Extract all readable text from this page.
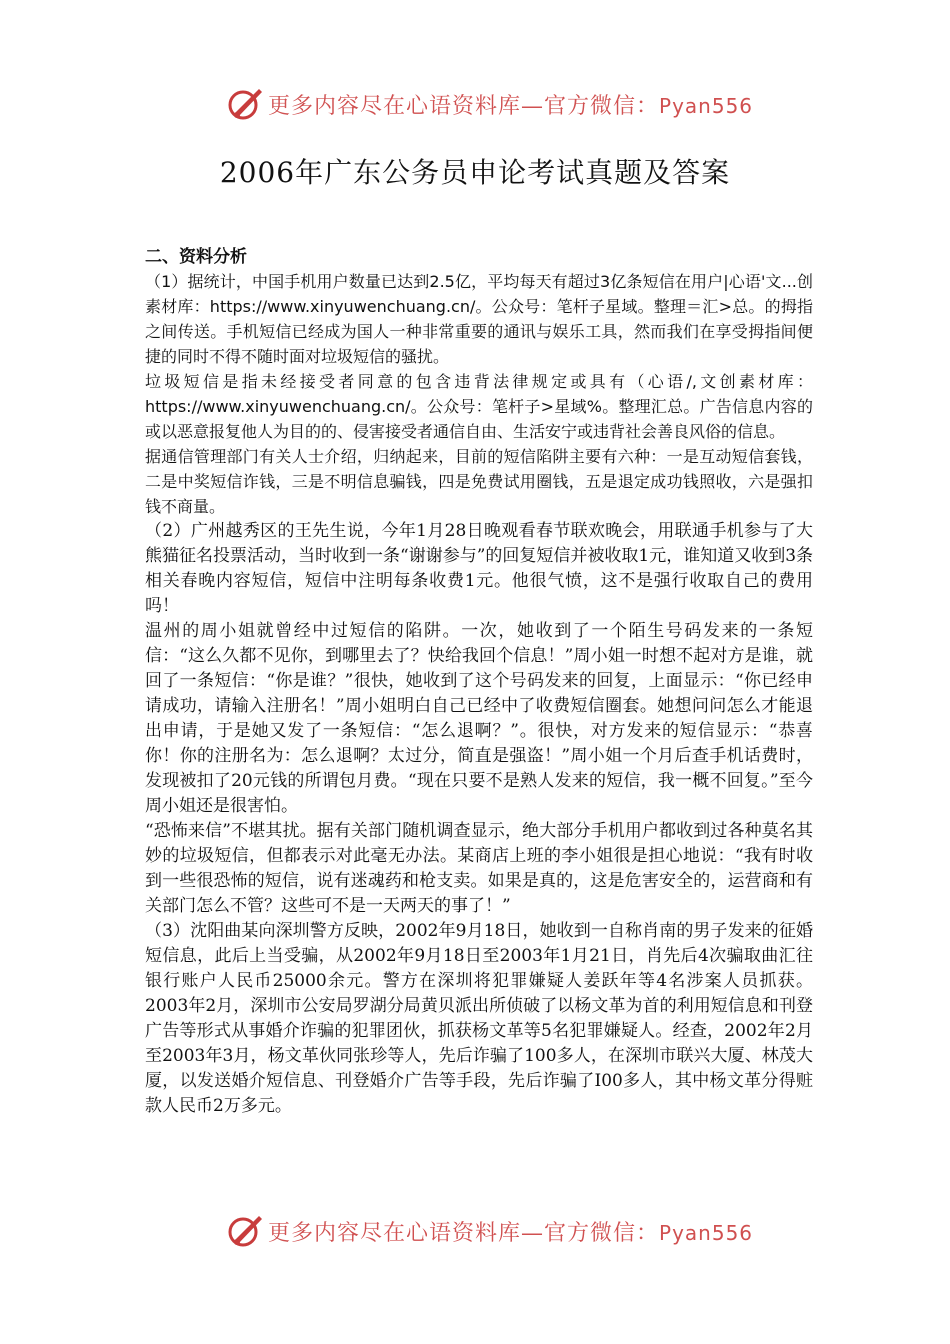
更多内容尽在心语资料库—官方微信：Pyan556
2006年广东公务员申论考试真题及答案
二、资料分析

（1）据统计，中国手机用户数量已达到2.5亿，平均每天有超过3亿条短信在用户|心语'文...创素材库：https://www.xinyuwenchuang.cn/。公众号：笔杆子星域。整理＝汇>总。的拇指之间传送。手机短信已经成为国人一种非常重要的通讯与娱乐工具，然而我们在享受拇指间便捷的同时不得不随时面对垃圾短信的骚扰。

垃圾短信是指未经接受者同意的包含违背法律规定或具有（心语/,文创素材库：https://www.xinyuwenchuang.cn/。公众号：笔杆子>星域%。整理汇总。广告信息内容的或以恶意报复他人为目的的、侵害接受者通信自由、生活安宁或违背社会善良风俗的信息。

据通信管理部门有关人士介绍，归纳起来，目前的短信陷阱主要有六种：一是互动短信套钱，二是中奖短信诈钱，三是不明信息骗钱，四是免费试用圈钱，五是退定成功钱照收，六是强扣钱不商量。

（2）广州越秀区的王先生说，今年1月28日晚观看春节联欢晚会，用联通手机参与了大熊猫征名投票活动，当时收到一条“谢谢参与”的回复短信并被收取1元，谁知道又收到3条相关春晚内容短信，短信中注明每条收费1元。他很气愤，这不是强行收取自己的费用吗！

温州的周小姐就曾经中过短信的陷阱。一次，她收到了一个陌生号码发来的一条短信：“这么久都不见你，到哪里去了？快给我回个信息！”周小姐一时想不起对方是谁，就回了一条短信：“你是谁？”很快，她收到了这个号码发来的回复，上面显示：“你已经申请成功，请输入注册名！”周小姐明白自己已经中了收费短信圈套。她想问问怎么才能退出申请，于是她又发了一条短信：“怎么退啊？”。很快，对方发来的短信显示：“恭喜你！你的注册名为：怎么退啊？太过分，简直是强盗！”周小姐一个月后查手机话费时，发现被扣了20元钱的所谓包月费。“现在只要不是熟人发来的短信，我一概不回复。”至今周小姐还是很害怕。

“恐怖来信”不堪其扰。据有关部门随机调查显示，绝大部分手机用户都收到过各种莫名其妙的垃圾短信，但都表示对此毫无办法。某商店上班的李小姐很是担心地说：“我有时收到一些很恐怖的短信，说有迷魂药和枪支卖。如果是真的，这是危害安全的，运营商和有关部门怎么不管？这些可不是一天两天的事了！”

（3）沈阳曲某向深圳警方反映，2002年9月18日，她收到一自称肖南的男子发来的征婚短信息，此后上当受骗，从2002年9月18日至2003年1月21日，肖先后4次骗取曲汇往银行账户人民币25000余元。警方在深圳将犯罪嫌疑人姜跃年等4名涉案人员抓获。2003年2月，深圳市公安局罗湖分局黄贝派出所侦破了以杨文革为首的利用短信息和刊登广告等形式从事婚介诈骗的犯罪团伙，抓获杨文革等5名犯罪嫌疑人。经查，2002年2月至2003年3月，杨文革伙同张珍等人，先后诈骗了100多人，在深圳市联兴大厦、林茂大厦，以发送婚介短信息、刊登婚介广告等手段，先后诈骗了I00多人，其中杨文革分得赃款人民币2万多元。

更多内容尽在心语资料库—官方微信：Pyan556
